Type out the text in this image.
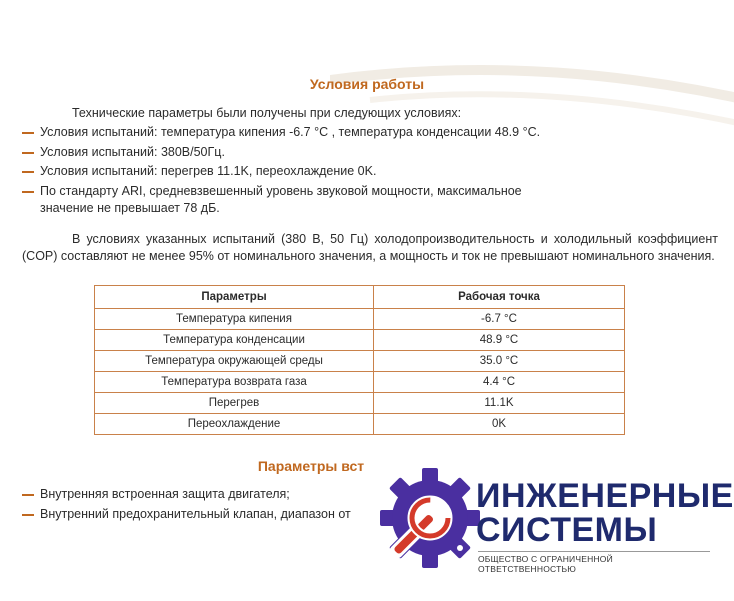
Условия работы
Технические параметры были получены при следующих условиях:
Условия испытаний: температура кипения -6.7 °C , температура конденсации 48.9 °C.
Условия испытаний: 380В/50Гц.
Условия испытаний: перегрев 11.1K, переохлаждение 0K.
По стандарту ARI, средневзвешенный уровень звуковой мощности, максимальное
значение не превышает 78 дБ.
В условиях указанных испытаний (380 В, 50 Гц) холодопроизводительность и холодильный коэффициент (COP) составляют не менее 95% от номинального значения, а мощность и ток не превышают номинального значения.
Параметры	Рабочая точка
Температура кипения	-6.7 °C
Температура конденсации	48.9 °C
Температура окружающей среды	35.0 °C
Температура возврата газа	4.4 °C
Перегрев	11.1K
Переохлаждение	0K
Параметры вст
Внутренняя встроенная защита двигателя;
Внутренний предохранительный клапан, диапазон от	ИНЖЕНЕРНЫЕ
СИСТЕМЫ
ОБЩЕСТВО С ОГРАНИЧЕННОЙ ОТВЕТСТВЕННОСТЬЮ
